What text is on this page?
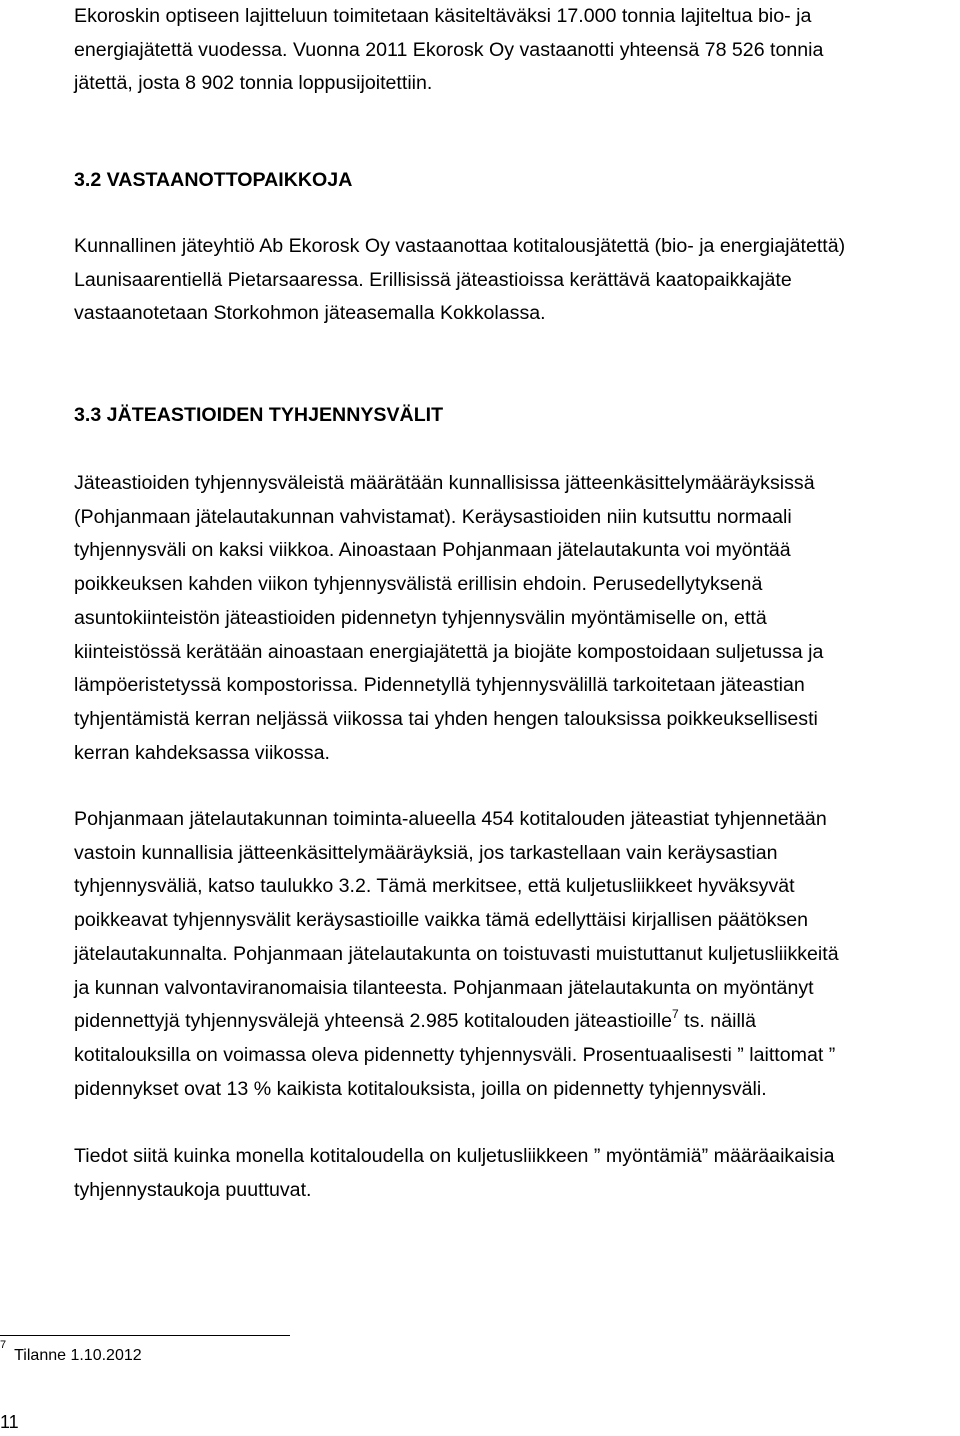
Ekoroskin optiseen lajitteluun toimitetaan käsiteltäväksi 17.000 tonnia lajiteltua bio- ja
energiajätettä vuodessa. Vuonna 2011 Ekorosk Oy vastaanotti yhteensä 78 526 tonnia
jätettä, josta 8 902 tonnia loppusijoitettiin.

3.2 VASTAANOTTOPAIKKOJA

Kunnallinen jäteyhtiö Ab Ekorosk Oy vastaanottaa kotitalousjätettä (bio- ja energiajätettä)
Launisaarentiellä Pietarsaaressa. Erillisissä jäteastioissa kerättävä kaatopaikkajäte
vastaanotetaan Storkohmon jäteasemalla Kokkolassa.

3.3 JÄTEASTIOIDEN TYHJENNYSVÄLIT

Jäteastioiden tyhjennysväleistä määrätään kunnallisissa jätteenkäsittelymääräyksissä
(Pohjanmaan jätelautakunnan vahvistamat). Keräysastioiden niin kutsuttu normaali
tyhjennysväli on kaksi viikkoa. Ainoastaan Pohjanmaan jätelautakunta voi myöntää
poikkeuksen kahden viikon tyhjennysvälistä erillisin ehdoin. Perusedellytyksenä
asuntokiinteistön jäteastioiden pidennetyn tyhjennysvälin myöntämiselle on, että
kiinteistössä kerätään ainoastaan energiajätettä ja biojäte kompostoidaan suljetussa ja
lämpöeristetyssä kompostorissa. Pidennetyllä tyhjennysvälillä tarkoitetaan jäteastian
tyhjentämistä kerran neljässä viikossa tai yhden hengen talouksissa poikkeuksellisesti
kerran kahdeksassa viikossa.

Pohjanmaan jätelautakunnan toiminta-alueella 454 kotitalouden jäteastiat tyhjennetään
vastoin kunnallisia jätteenkäsittelymääräyksiä, jos tarkastellaan vain keräysastian
tyhjennysväliä, katso taulukko 3.2. Tämä merkitsee, että kuljetusliikkeet hyväksyvät
poikkeavat tyhjennysvälit keräysastioille vaikka tämä edellyttäisi kirjallisen päätöksen
jätelautakunnalta. Pohjanmaan jätelautakunta on toistuvasti muistuttanut kuljetusliikkeitä
ja kunnan valvontaviranomaisia tilanteesta. Pohjanmaan jätelautakunta on myöntänyt
pidennettyjä tyhjennysvälejä yhteensä 2.985 kotitalouden jäteastioille$^7$ ts. näillä
kotitalouksilla on voimassa oleva pidennetty tyhjennysväli. Prosentuaalisesti ” laittomat ”
pidennykset ovat 13 % kaikista kotitalouksista, joilla on pidennetty tyhjennysväli.

Tiedot siitä kuinka monella kotitaloudella on kuljetusliikkeen ” myöntämiä” määräaikaisia
tyhjennystaukoja puuttuvat.

$^7$Tilanne 1.10.2012
11
